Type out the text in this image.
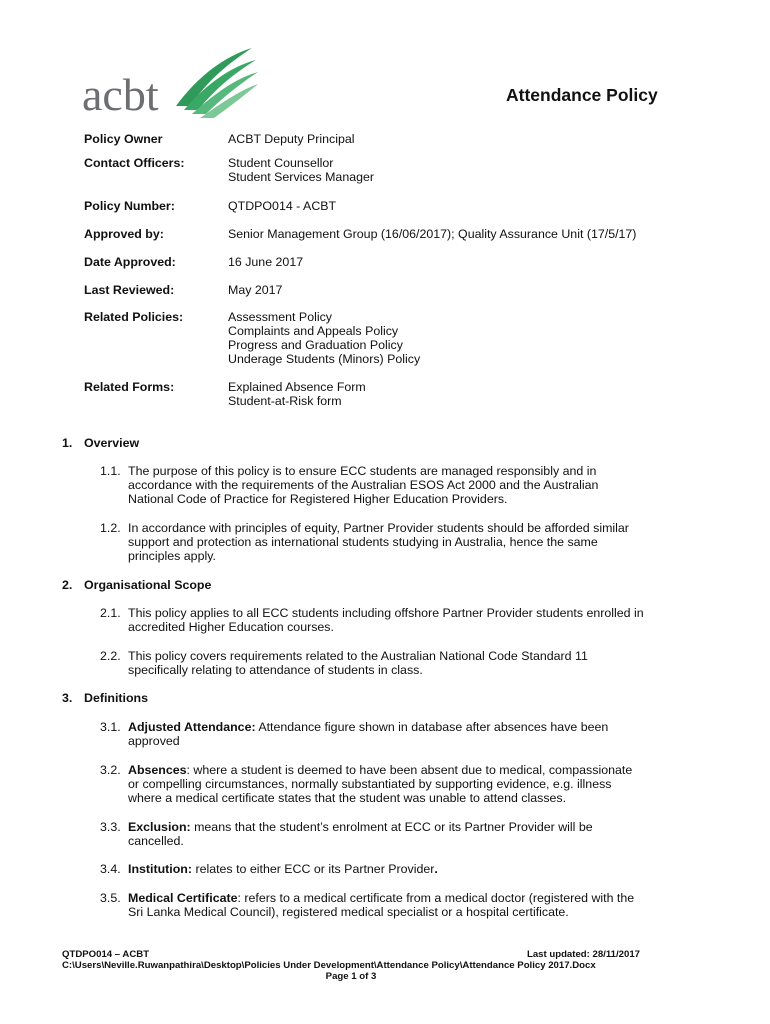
acbt	Attendance Policy
Policy Owner	ACBT Deputy Principal
Contact Officers:	Student Counsellor
Student Services Manager
Policy Number:	QTDPO014 - ACBT
Approved by:	Senior Management Group (16/06/2017); Quality Assurance Unit (17/5/17)
Date Approved:	16 June 2017
Last Reviewed:	May 2017
Related Policies:	Assessment Policy
Complaints and Appeals Policy
Progress and Graduation Policy
Underage Students (Minors) Policy
Related Forms:	Explained Absence Form
Student-at-Risk form
1. Overview
1.1. The purpose of this policy is to ensure ECC students are managed responsibly and in
accordance with the requirements of the Australian ESOS Act 2000 and the Australian
National Code of Practice for Registered Higher Education Providers.
1.2. In accordance with principles of equity, Partner Provider students should be afforded similar
support and protection as international students studying in Australia, hence the same
principles apply.
2. Organisational Scope
2.1. This policy applies to all ECC students including offshore Partner Provider students enrolled in
accredited Higher Education courses.
2.2. This policy covers requirements related to the Australian National Code Standard 11
specifically relating to attendance of students in class.
3. Definitions
3.1. Adjusted Attendance: Attendance figure shown in database after absences have been
approved
3.2. Absences: where a student is deemed to have been absent due to medical, compassionate
or compelling circumstances, normally substantiated by supporting evidence, e.g. illness
where a medical certificate states that the student was unable to attend classes.
3.3. Exclusion: means that the student’s enrolment at ECC or its Partner Provider will be
cancelled.
3.4. Institution: relates to either ECC or its Partner Provider.
3.5. Medical Certificate: refers to a medical certificate from a medical doctor (registered with the
Sri Lanka Medical Council), registered medical specialist or a hospital certificate.
QTDPO014 – ACBT	Last updated: 28/11/2017
C:\Users\Neville.Ruwanpathira\Desktop\Policies Under Development\Attendance Policy\Attendance Policy 2017.Docx
Page 1 of 3
